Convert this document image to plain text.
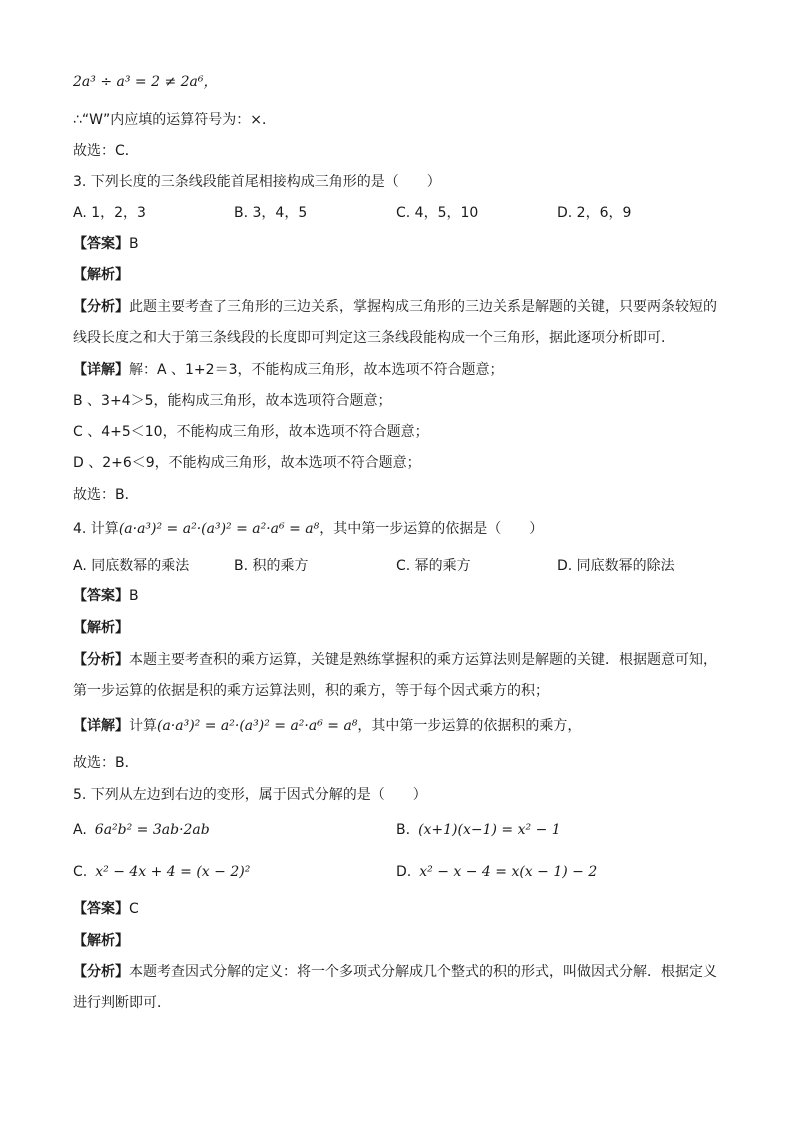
2a³ ÷ a³ = 2 ≠ 2a⁶，
∴“W”内应填的运算符号为：×．
故选：C．
3. 下列长度的三条线段能首尾相接构成三角形的是（　　）
A. 1，2，3	B. 3，4，5	C. 4，5，10	D. 2，6，9
【答案】B
【解析】
【分析】此题主要考查了三角形的三边关系，掌握构成三角形的三边关系是解题的关键，只要两条较短的
线段长度之和大于第三条线段的长度即可判定这三条线段能构成一个三角形，据此逐项分析即可.
【详解】解：A 、1+2＝3，不能构成三角形，故本选项不符合题意；
B 、3+4＞5，能构成三角形，故本选项符合题意；
C 、4+5＜10，不能构成三角形，故本选项不符合题意；
D 、2+6＜9，不能构成三角形，故本选项不符合题意；
故选：B．
4. 计算(a·a³)² = a²·(a³)² = a²·a⁶ = a⁸，其中第一步运算的依据是（　　）
A. 同底数幂的乘法	B. 积的乘方	C. 幂的乘方	D. 同底数幂的除法
【答案】B
【解析】
【分析】本题主要考查积的乘方运算，关键是熟练掌握积的乘方运算法则是解题的关键．根据题意可知，
第一步运算的依据是积的乘方运算法则，积的乘方，等于每个因式乘方的积；
【详解】计算(a·a³)² = a²·(a³)² = a²·a⁶ = a⁸，其中第一步运算的依据积的乘方，
故选：B．
5. 下列从左边到右边的变形，属于因式分解的是（　　）
A. 6a²b² = 3ab·2ab	B. (x+1)(x−1) = x² − 1
C. x² − 4x + 4 = (x − 2)²	D. x² − x − 4 = x(x − 1) − 2
【答案】C
【解析】
【分析】本题考查因式分解的定义：将一个多项式分解成几个整式的积的形式，叫做因式分解．根据定义
进行判断即可．
